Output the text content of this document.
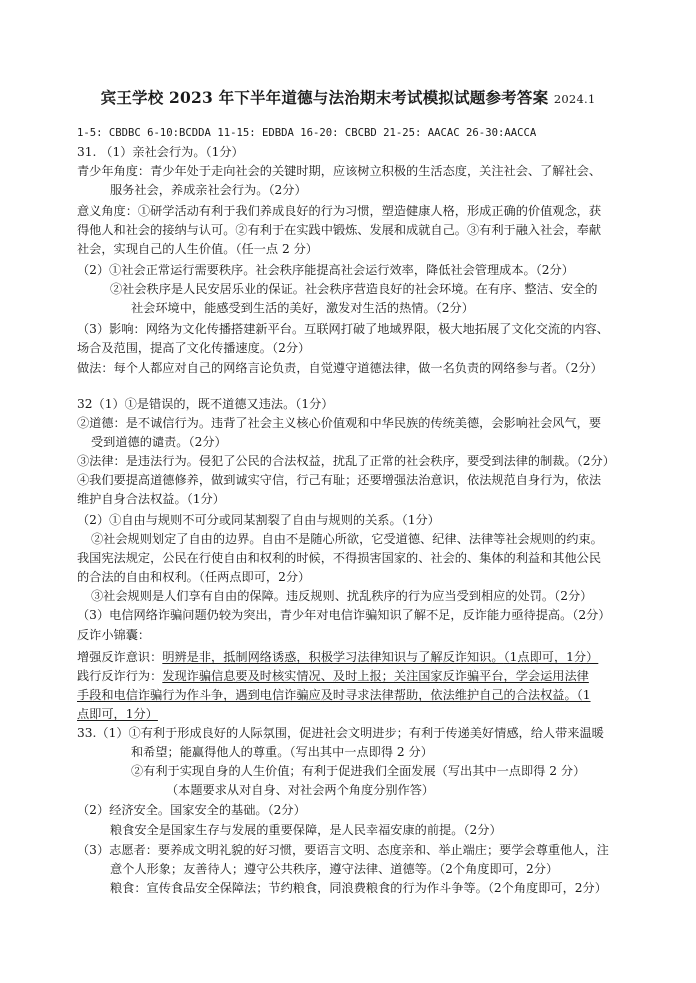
宾王学校 2023 年下半年道德与法治期末考试模拟试题参考答案 2024.1
1-5: CBDBC 6-10:BCDDA 11-15: EDBDA 16-20: CBCBD 21-25: AACAC 26-30:AACCA
31. （1）亲社会行为。（1分）
青少年角度：青少年处于走向社会的关键时期，应该树立积极的生活态度，关注社会、了解社会、
服务社会，养成亲社会行为。（2分）
意义角度：①研学活动有利于我们养成良好的行为习惯，塑造健康人格，形成正确的价值观念，获
得他人和社会的接纳与认可。②有利于在实践中锻炼、发展和成就自己。③有利于融入社会，奉献
社会，实现自己的人生价值。（任一点 2 分）
（2）①社会正常运行需要秩序。社会秩序能提高社会运行效率，降低社会管理成本。（2分）
②社会秩序是人民安居乐业的保证。社会秩序营造良好的社会环境。在有序、整洁、安全的
社会环境中，能感受到生活的美好，激发对生活的热情。（2分）
（3）影响：网络为文化传播搭建新平台。互联网打破了地域界限，极大地拓展了文化交流的内容、
场合及范围，提高了文化传播速度。（2分）
做法：每个人都应对自己的网络言论负责，自觉遵守道德法律，做一名负责的网络参与者。（2分）
32（1）①是错误的，既不道德又违法。（1分）
②道德：是不诚信行为。违背了社会主义核心价值观和中华民族的传统美德，会影响社会风气，要
受到道德的谴责。（2分）
③法律：是违法行为。侵犯了公民的合法权益，扰乱了正常的社会秩序，要受到法律的制裁。（2分）
④我们要提高道德修养，做到诚实守信，行己有耻；还要增强法治意识，依法规范自身行为，依法
维护自身合法权益。（1分）
（2）①自由与规则不可分或同某割裂了自由与规则的关系。（1分）
②社会规则划定了自由的边界。自由不是随心所欲，它受道德、纪律、法律等社会规则的约束。
我国宪法规定，公民在行使自由和权利的时候，不得损害国家的、社会的、集体的利益和其他公民
的合法的自由和权利。（任两点即可，2分）
③社会规则是人们享有自由的保障。违反规则、扰乱秩序的行为应当受到相应的处罚。（2分）
（3）电信网络诈骗问题仍较为突出，青少年对电信诈骗知识了解不足，反诈能力亟待提高。（2分）
反诈小锦囊：
增强反诈意识：明辨是非，抵制网络诱惑，积极学习法律知识与了解反诈知识。（1点即可，1分）
践行反诈行为：发现诈骗信息要及时核实情况、及时上报；关注国家反诈骗平台，学会运用法律
手段和电信诈骗行为作斗争，遇到电信诈骗应及时寻求法律帮助，依法维护自己的合法权益。（1
点即可，1分）
33.（1）①有利于形成良好的人际氛围，促进社会文明进步；有利于传递美好情感，给人带来温暖
和希望；能赢得他人的尊重。（写出其中一点即得 2 分）
②有利于实现自身的人生价值；有利于促进我们全面发展（写出其中一点即得 2 分）
（本题要求从对自身、对社会两个角度分别作答）
（2）经济安全。国家安全的基础。（2分）
粮食安全是国家生存与发展的重要保障，是人民幸福安康的前提。（2分）
（3）志愿者：要养成文明礼貌的好习惯，要语言文明、态度亲和、举止端庄；要学会尊重他人，注
意个人形象；友善待人；遵守公共秩序，遵守法律、道德等。（2个角度即可，2分）
粮食：宣传食品安全保障法；节约粮食，同浪费粮食的行为作斗争等。（2个角度即可，2分）
